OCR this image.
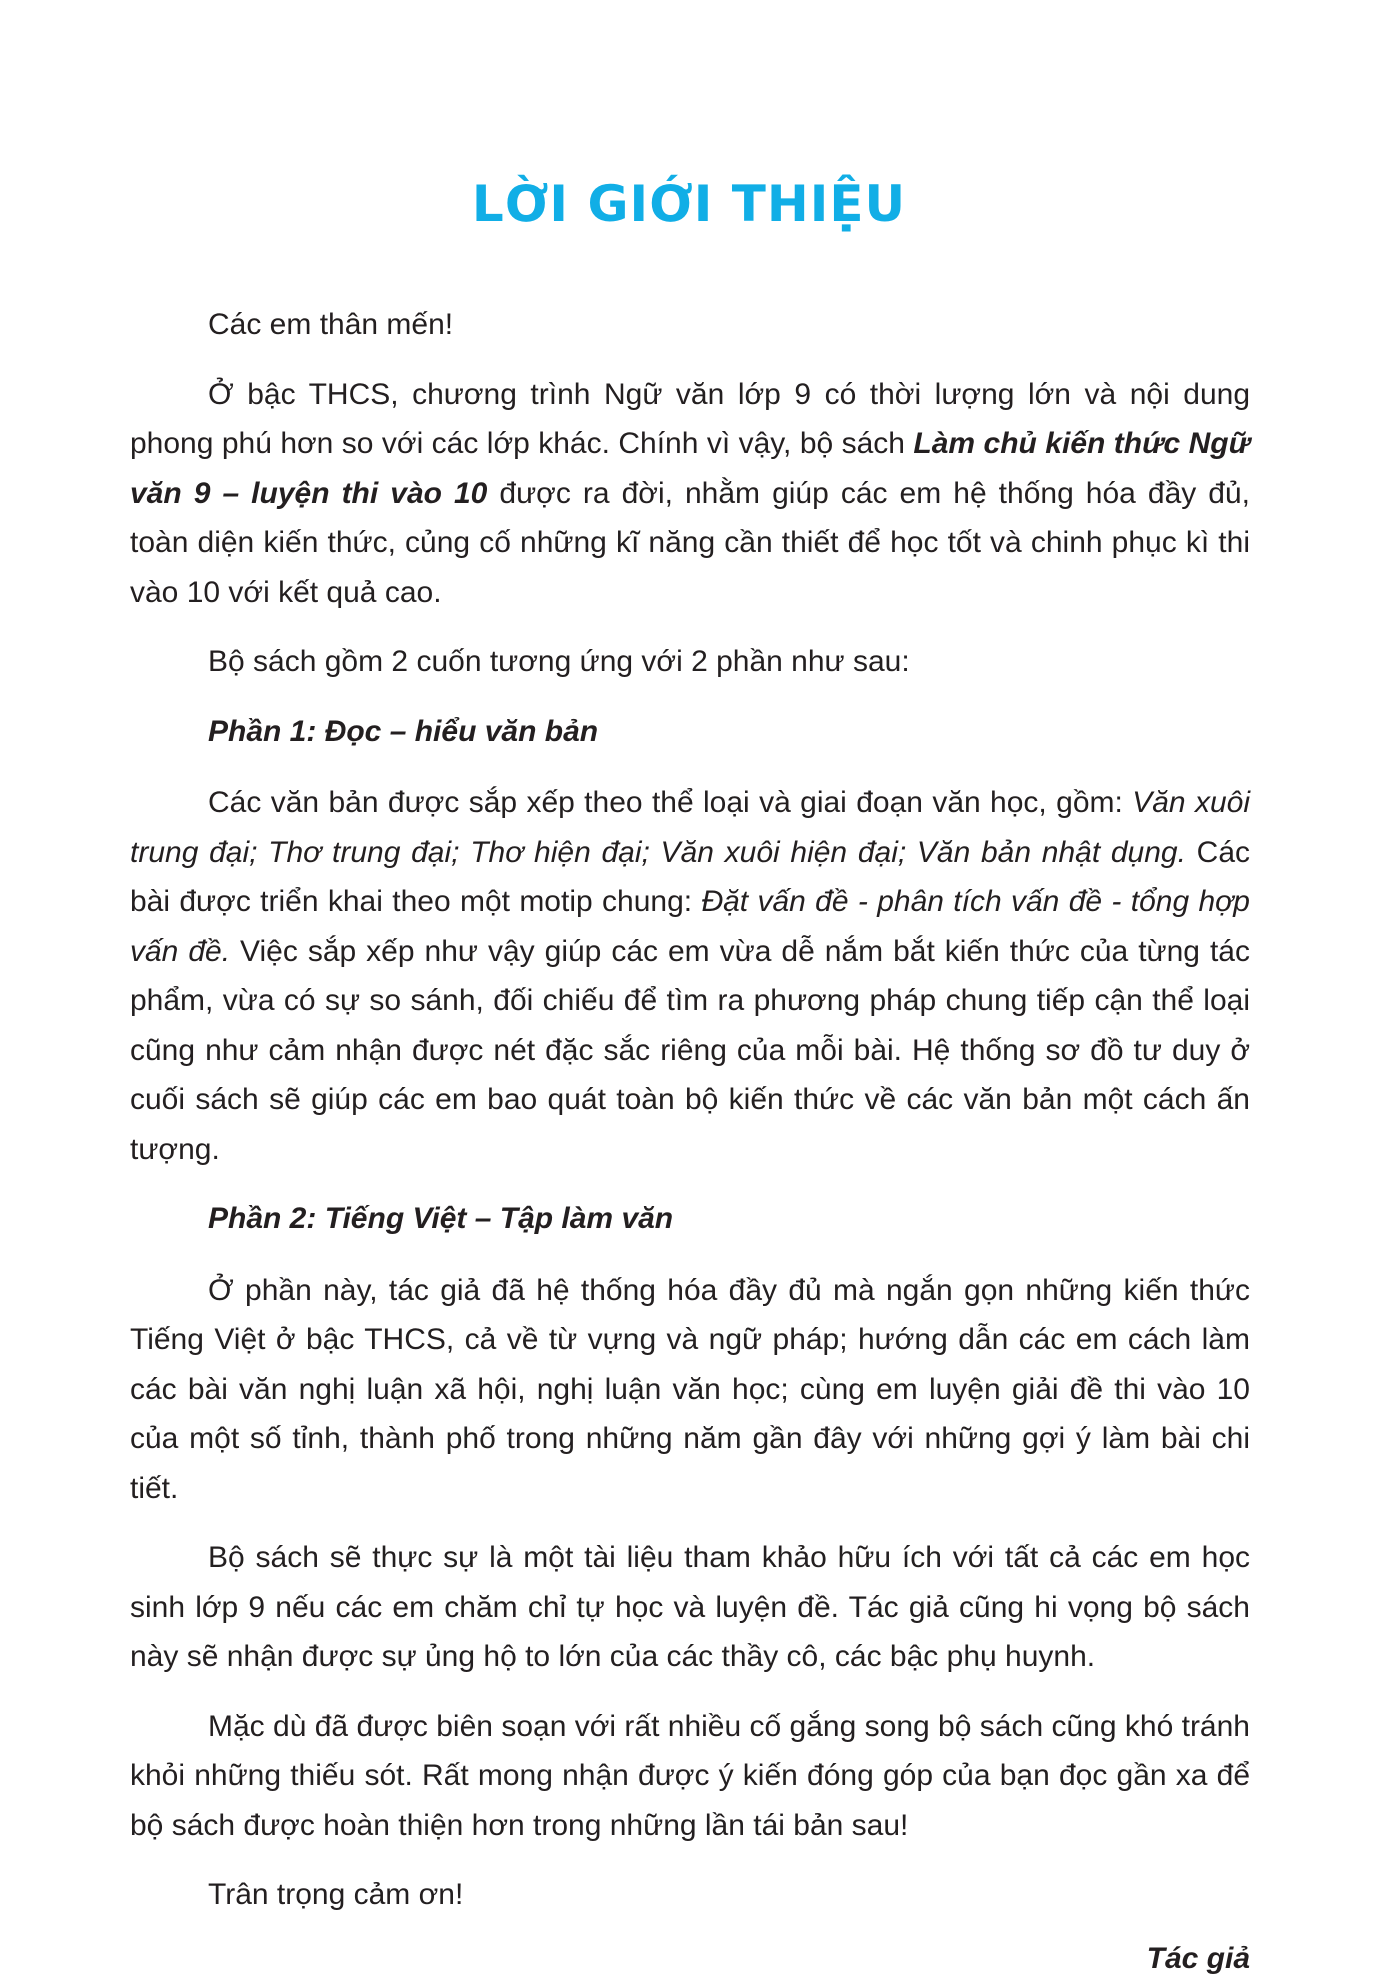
LỜI GIỚI THIỆU

Các em thân mến!

Ở bậc THCS, chương trình Ngữ văn lớp 9 có thời lượng lớn và nội dung phong phú hơn so với các lớp khác. Chính vì vậy, bộ sách Làm chủ kiến thức Ngữ văn 9 – luyện thi vào 10 được ra đời, nhằm giúp các em hệ thống hóa đầy đủ, toàn diện kiến thức, củng cố những kĩ năng cần thiết để học tốt và chinh phục kì thi vào 10 với kết quả cao.

Bộ sách gồm 2 cuốn tương ứng với 2 phần như sau:

Phần 1: Đọc – hiểu văn bản

Các văn bản được sắp xếp theo thể loại và giai đoạn văn học, gồm: Văn xuôi trung đại; Thơ trung đại; Thơ hiện đại; Văn xuôi hiện đại; Văn bản nhật dụng. Các bài được triển khai theo một motip chung: Đặt vấn đề - phân tích vấn đề - tổng hợp vấn đề. Việc sắp xếp như vậy giúp các em vừa dễ nắm bắt kiến thức của từng tác phẩm, vừa có sự so sánh, đối chiếu để tìm ra phương pháp chung tiếp cận thể loại cũng như cảm nhận được nét đặc sắc riêng của mỗi bài. Hệ thống sơ đồ tư duy ở cuối sách sẽ giúp các em bao quát toàn bộ kiến thức về các văn bản một cách ấn tượng.

Phần 2: Tiếng Việt – Tập làm văn

Ở phần này, tác giả đã hệ thống hóa đầy đủ mà ngắn gọn những kiến thức Tiếng Việt ở bậc THCS, cả về từ vựng và ngữ pháp; hướng dẫn các em cách làm các bài văn nghị luận xã hội, nghị luận văn học; cùng em luyện giải đề thi vào 10 của một số tỉnh, thành phố trong những năm gần đây với những gợi ý làm bài chi tiết.

Bộ sách sẽ thực sự là một tài liệu tham khảo hữu ích với tất cả các em học sinh lớp 9 nếu các em chăm chỉ tự học và luyện đề. Tác giả cũng hi vọng bộ sách này sẽ nhận được sự ủng hộ to lớn của các thầy cô, các bậc phụ huynh.

Mặc dù đã được biên soạn với rất nhiều cố gắng song bộ sách cũng khó tránh khỏi những thiếu sót. Rất mong nhận được ý kiến đóng góp của bạn đọc gần xa để bộ sách được hoàn thiện hơn trong những lần tái bản sau!

Trân trọng cảm ơn!

Tác giả
